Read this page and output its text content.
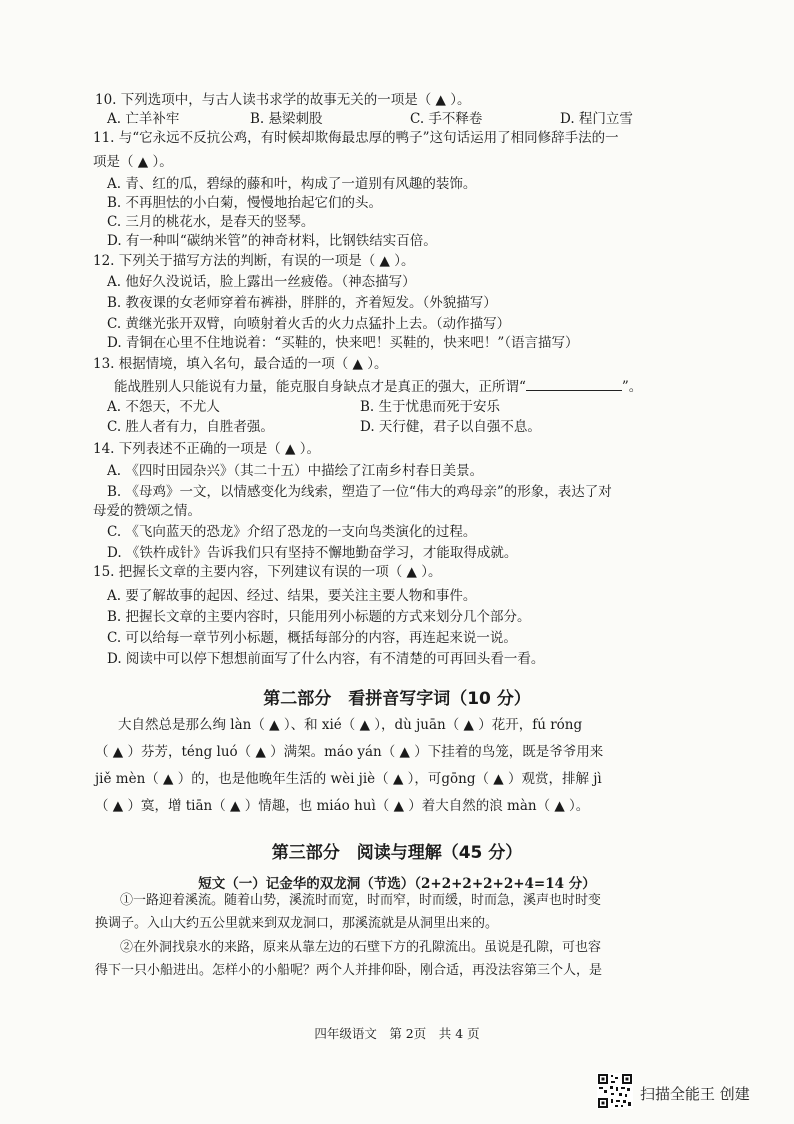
10. 下列选项中，与古人读书求学的故事无关的一项是（ ▲ ）。
A. 亡羊补牢	B. 悬梁刺股	C. 手不释卷	D. 程门立雪
11. 与“它永远不反抗公鸡，有时候却欺侮最忠厚的鸭子”这句话运用了相同修辞手法的一
项是（ ▲ ）。
A. 青、红的瓜，碧绿的藤和叶，构成了一道别有风趣的装饰。
B. 不再胆怯的小白菊，慢慢地抬起它们的头。
C. 三月的桃花水，是春天的竖琴。
D. 有一种叫“碳纳米管”的神奇材料，比钢铁结实百倍。
12. 下列关于描写方法的判断，有误的一项是（ ▲ ）。
A. 他好久没说话，脸上露出一丝疲倦。（神态描写）
B. 教夜课的女老师穿着布裤褂，胖胖的，齐着短发。（外貌描写）
C. 黄继光张开双臂，向喷射着火舌的火力点猛扑上去。（动作描写）
D. 青铜在心里不住地说着：“买鞋的，快来吧！买鞋的，快来吧！”（语言描写）
13. 根据情境，填入名句，最合适的一项（ ▲ ）。
能战胜别人只能说有力量，能克服自身缺点才是真正的强大，正所谓“	”。
A. 不怨天，不尤人	B. 生于忧患而死于安乐
C. 胜人者有力，自胜者强。	D. 天行健，君子以自强不息。
14. 下列表述不正确的一项是（ ▲ ）。
A. 《四时田园杂兴》（其二十五）中描绘了江南乡村春日美景。
B. 《母鸡》一文，以情感变化为线索，塑造了一位“伟大的鸡母亲”的形象，表达了对
母爱的赞颂之情。
C. 《飞向蓝天的恐龙》介绍了恐龙的一支向鸟类演化的过程。
D. 《铁杵成针》告诉我们只有坚持不懈地勤奋学习，才能取得成就。
15. 把握长文章的主要内容，下列建议有误的一项（ ▲ ）。
A. 要了解故事的起因、经过、结果，要关注主要人物和事件。
B. 把握长文章的主要内容时，只能用列小标题的方式来划分几个部分。
C. 可以给每一章节列小标题，概括每部分的内容，再连起来说一说。
D. 阅读中可以停下想想前面写了什么内容，有不清楚的可再回头看一看。
第二部分　看拼音写字词（10 分）
大自然总是那么绚 làn（ ▲ ）、和 xié（ ▲ ），dù juān（ ▲ ）花开，fú róng
（ ▲ ）芬芳，téng luó（ ▲ ）满架。máo yán（ ▲ ）下挂着的鸟笼，既是爷爷用来
jiě mèn（ ▲ ）的，也是他晚年生活的 wèi jiè（ ▲ ），可gōng（ ▲ ）观赏，排解 jì
（ ▲ ）寞，增 tiān（ ▲ ）情趣，也 miáo huì（ ▲ ）着大自然的浪 màn（ ▲ ）。
第三部分　阅读与理解（45 分）
短文（一）记金华的双龙洞（节选）（2+2+2+2+2+4=14 分）
①一路迎着溪流。随着山势，溪流时而宽，时而窄，时而缓，时而急，溪声也时时变
换调子。入山大约五公里就来到双龙洞口，那溪流就是从洞里出来的。
②在外洞找泉水的来路，原来从靠左边的石壁下方的孔隙流出。虽说是孔隙，可也容
得下一只小船进出。怎样小的小船呢？两个人并排仰卧，刚合适，再没法容第三个人，是
四年级语文　第 2页　共 4 页
扫描全能王 创建
